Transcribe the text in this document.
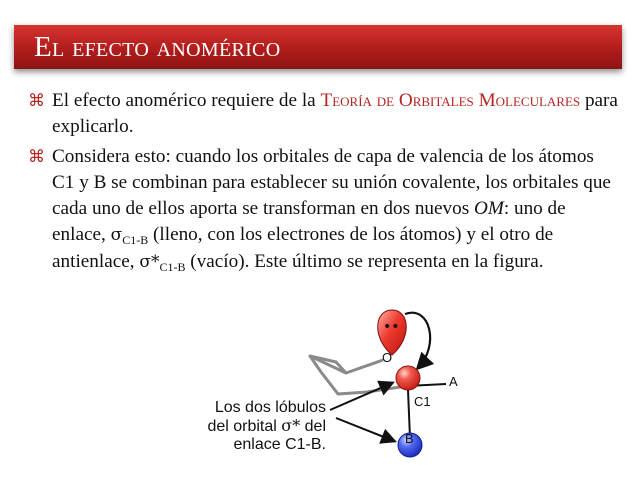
El efecto anomérico
⌘ El efecto anomérico requiere de la Teoría de Orbitales Moleculares para explicarlo.
⌘ Considera esto: cuando los orbitales de capa de valencia de los átomos C1 y B se combinan para establecer su unión covalente, los orbitales que cada uno de ellos aporta se transforman en dos nuevos OM: uno de enlace, $\sigma_{C1-B}$ (lleno, con los electrones de los átomos) y el otro de antienlace, $\sigma*_{C1-B}$ (vacío). Este último se representa en la figura.
••
O
A
C1
B
Los dos lóbulos
del orbital σ* del
enlace C1-B.
